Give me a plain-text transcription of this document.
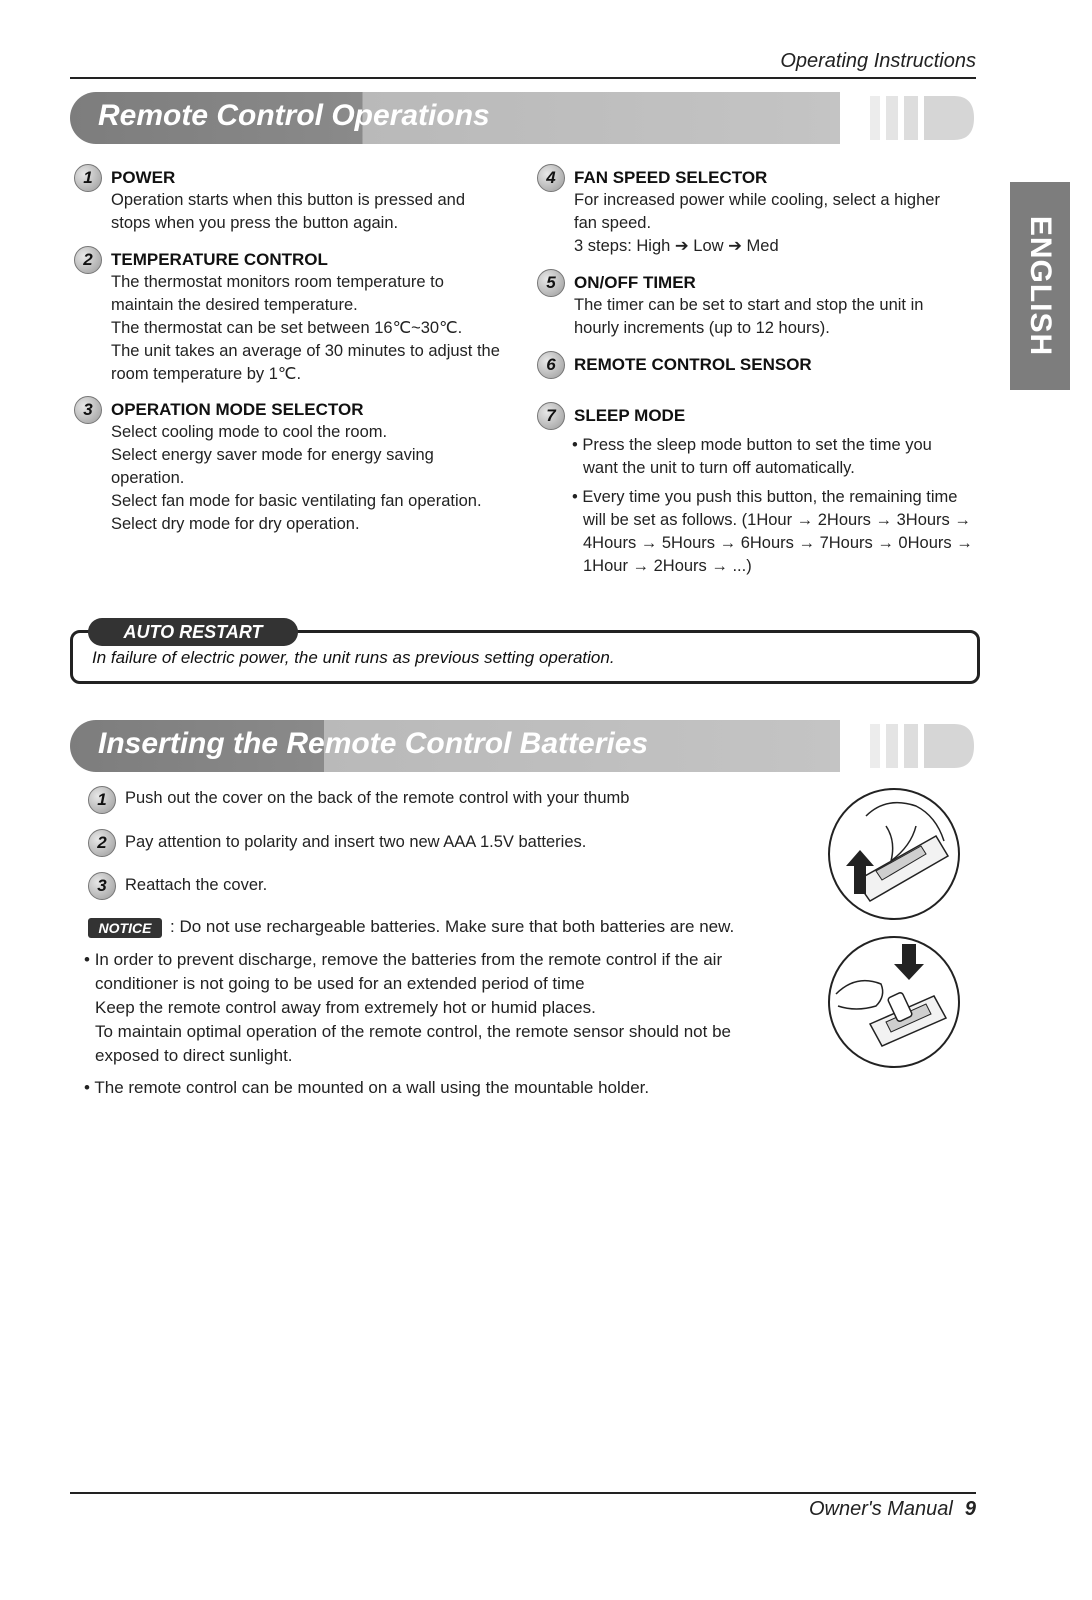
Operating Instructions
Remote Control Operations
ENGLISH
1	POWER

Operation starts when this button is pressed and

stops when you press the button again.

2	TEMPERATURE CONTROL

The thermostat monitors room temperature to

maintain the desired temperature.

The thermostat can be set between 16℃~30℃.

The unit takes an average of 30 minutes to adjust the

room temperature by 1℃.

3	OPERATION MODE SELECTOR

Select cooling mode to cool the room.

Select energy saver mode for energy saving

operation.

Select fan mode for basic ventilating fan operation.

Select dry mode for dry operation.

4	FAN SPEED SELECTOR

For increased power while cooling, select a higher

fan speed.

3 steps: High ➔ Low ➔ Med

5	ON/OFF TIMER

The timer can be set to start and stop the unit in

hourly increments (up to 12 hours).

6	REMOTE CONTROL SENSOR
7	SLEEP MODE

• Press the sleep mode button to set the time you

want the unit to turn off automatically.

• Every time you push this button, the remaining time

will be set as follows. (1Hour → 2Hours → 3Hours →

4Hours → 5Hours → 6Hours → 7Hours → 0Hours →

1Hour → 2Hours → ...)

AUTO RESTART
In failure of electric power, the unit runs as previous setting operation.
Inserting the Remote Control Batteries
1	Push out the cover on the back of the remote control with your thumb
2	Pay attention to polarity and insert two new AAA 1.5V batteries.
3	Reattach the cover.
NOTICE	: Do not use rechargeable batteries. Make sure that both batteries are new.

• In order to prevent discharge, remove the batteries from the remote control if the air

conditioner is not going to be used for an extended period of time

Keep the remote control away from extremely hot or humid places.

To maintain optimal operation of the remote control, the remote sensor should not be

exposed to direct sunlight.

• The remote control can be mounted on a wall using the mountable holder.

Owner's Manual 9
